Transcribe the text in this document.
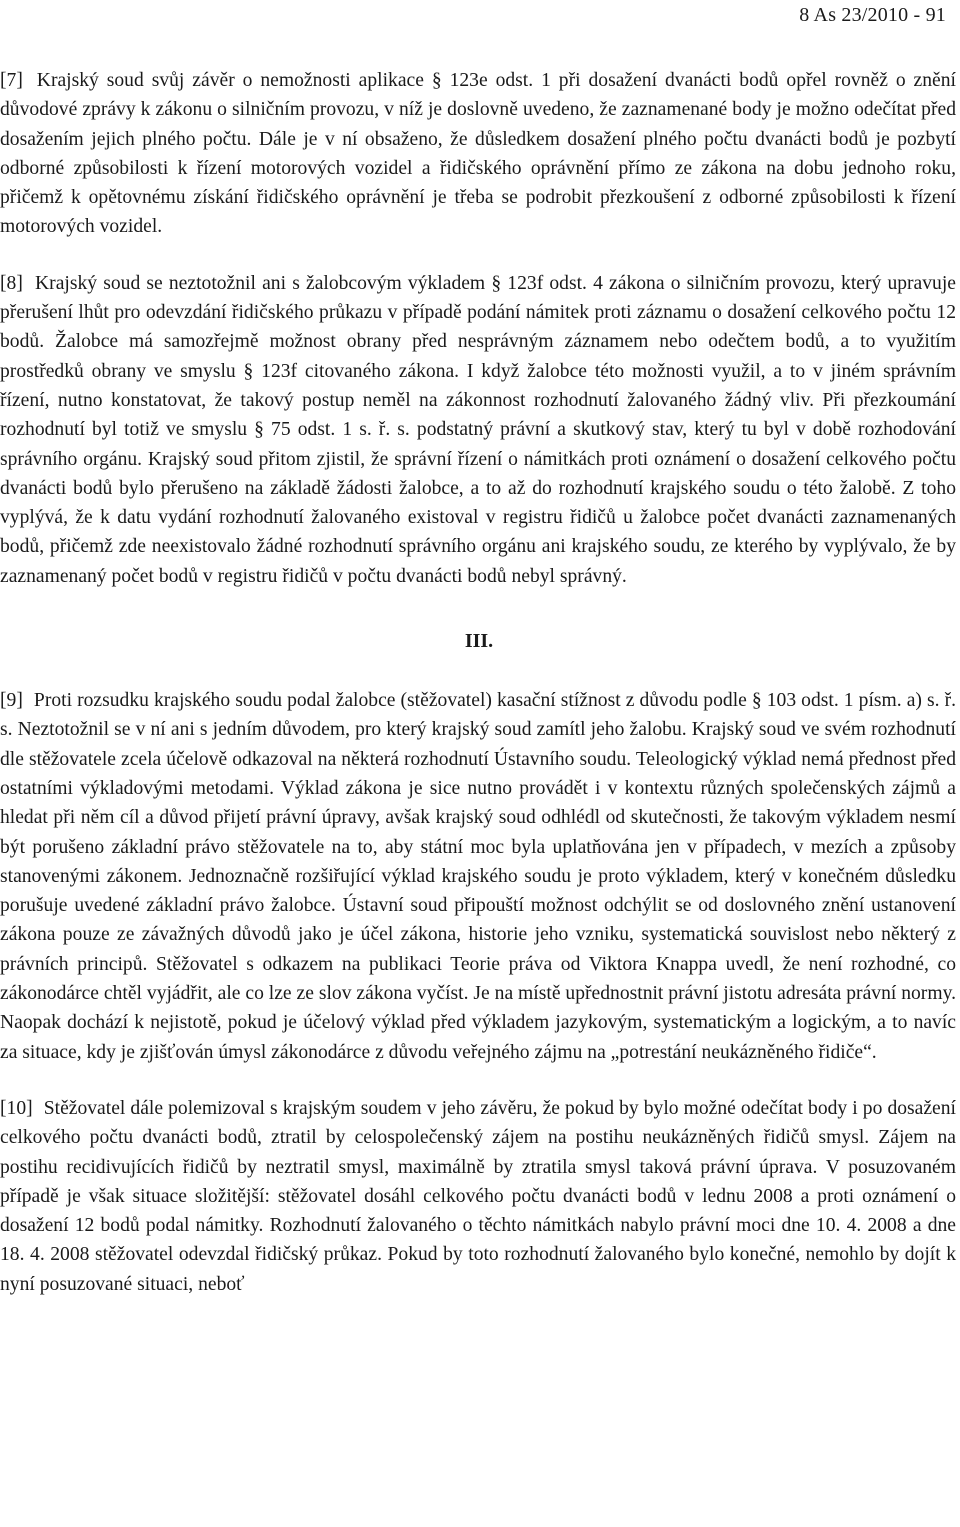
8 As 23/2010 - 91

[7] Krajský soud svůj závěr o nemožnosti aplikace § 123e odst. 1 při dosažení dvanácti bodů opřel rovněž o znění důvodové zprávy k zákonu o silničním provozu, v níž je doslovně uvedeno, že zaznamenané body je možno odečítat před dosažením jejich plného počtu. Dále je v ní obsaženo, že důsledkem dosažení plného počtu dvanácti bodů je pozbytí odborné způsobilosti k řízení motorových vozidel a řidičského oprávnění přímo ze zákona na dobu jednoho roku, přičemž k opětovnému získání řidičského oprávnění je třeba se podrobit přezkoušení z odborné způsobilosti k řízení motorových vozidel.

[8] Krajský soud se neztotožnil ani s žalobcovým výkladem § 123f odst. 4 zákona o silničním provozu, který upravuje přerušení lhůt pro odevzdání řidičského průkazu v případě podání námitek proti záznamu o dosažení celkového počtu 12 bodů. Žalobce má samozřejmě možnost obrany před nesprávným záznamem nebo odečtem bodů, a to využitím prostředků obrany ve smyslu § 123f citovaného zákona. I když žalobce této možnosti využil, a to v jiném správním řízení, nutno konstatovat, že takový postup neměl na zákonnost rozhodnutí žalovaného žádný vliv. Při přezkoumání rozhodnutí byl totiž ve smyslu § 75 odst. 1 s. ř. s. podstatný právní a skutkový stav, který tu byl v době rozhodování správního orgánu. Krajský soud přitom zjistil, že správní řízení o námitkách proti oznámení o dosažení celkového počtu dvanácti bodů bylo přerušeno na základě žádosti žalobce, a to až do rozhodnutí krajského soudu o této žalobě. Z toho vyplývá, že k datu vydání rozhodnutí žalovaného existoval v registru řidičů u žalobce počet dvanácti zaznamenaných bodů, přičemž zde neexistovalo žádné rozhodnutí správního orgánu ani krajského soudu, ze kterého by vyplývalo, že by zaznamenaný počet bodů v registru řidičů v počtu dvanácti bodů nebyl správný.

III.

[9] Proti rozsudku krajského soudu podal žalobce (stěžovatel) kasační stížnost z důvodu podle § 103 odst. 1 písm. a) s. ř. s. Neztotožnil se v ní ani s jedním důvodem, pro který krajský soud zamítl jeho žalobu. Krajský soud ve svém rozhodnutí dle stěžovatele zcela účelově odkazoval na některá rozhodnutí Ústavního soudu. Teleologický výklad nemá přednost před ostatními výkladovými metodami. Výklad zákona je sice nutno provádět i v kontextu různých společenských zájmů a hledat při něm cíl a důvod přijetí právní úpravy, avšak krajský soud odhlédl od skutečnosti, že takovým výkladem nesmí být porušeno základní právo stěžovatele na to, aby státní moc byla uplatňována jen v případech, v mezích a způsoby stanovenými zákonem. Jednoznačně rozšiřující výklad krajského soudu je proto výkladem, který v konečném důsledku porušuje uvedené základní právo žalobce. Ústavní soud připouští možnost odchýlit se od doslovného znění ustanovení zákona pouze ze závažných důvodů jako je účel zákona, historie jeho vzniku, systematická souvislost nebo některý z právních principů. Stěžovatel s odkazem na publikaci Teorie práva od Viktora Knappa uvedl, že není rozhodné, co zákonodárce chtěl vyjádřit, ale co lze ze slov zákona vyčíst. Je na místě upřednostnit právní jistotu adresáta právní normy. Naopak dochází k nejistotě, pokud je účelový výklad před výkladem jazykovým, systematickým a logickým, a to navíc za situace, kdy je zjišťován úmysl zákonodárce z důvodu veřejného zájmu na „potrestání neukázněného řidiče“.

[10] Stěžovatel dále polemizoval s krajským soudem v jeho závěru, že pokud by bylo možné odečítat body i po dosažení celkového počtu dvanácti bodů, ztratil by celospolečenský zájem na postihu neukázněných řidičů smysl. Zájem na postihu recidivujících řidičů by neztratil smysl, maximálně by ztratila smysl taková právní úprava. V posuzovaném případě je však situace složitější: stěžovatel dosáhl celkového počtu dvanácti bodů v lednu 2008 a proti oznámení o dosažení 12 bodů podal námitky. Rozhodnutí žalovaného o těchto námitkách nabylo právní moci dne 10. 4. 2008 a dne 18. 4. 2008 stěžovatel odevzdal řidičský průkaz. Pokud by toto rozhodnutí žalovaného bylo konečné, nemohlo by dojít k nyní posuzované situaci, neboť
